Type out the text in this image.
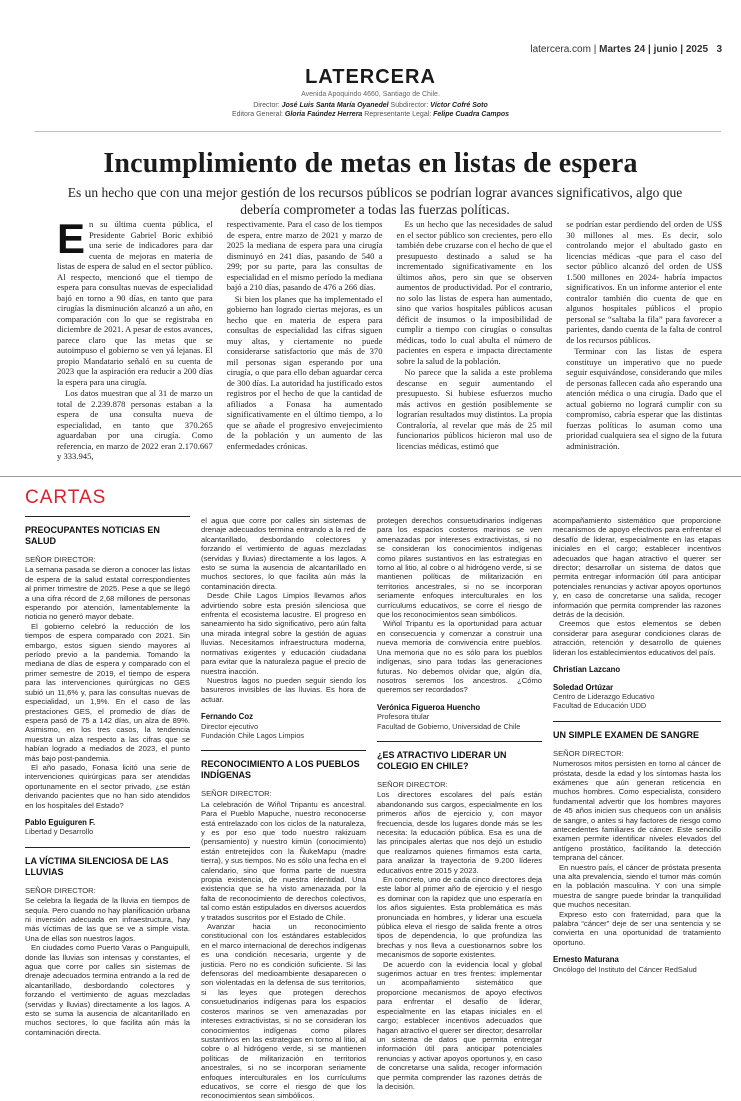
latercera.com | Martes 24 | junio | 2025 3
LATERCERA
Avenida Apoquindo 4660, Santiago de Chile.
Director: José Luis Santa María Oyanedel Subdirector: Víctor Cofré Soto
Editora General: Gloria Faúndez Herrera Representante Legal: Felipe Cuadra Campos
Incumplimiento de metas en listas de espera
Es un hecho que con una mejor gestión de los recursos públicos se podrían lograr avances significativos, algo que debería comprometer a todas las fuerzas políticas.

En su última cuenta pública, el Presidente Gabriel Boric exhibió una serie de indicadores para dar cuenta de mejoras en materia de listas de espera de salud en el sector público. Al respecto, mencionó que el tiempo de espera para consultas nuevas de especialidad bajó en torno a 90 días, en tanto que para cirugías la disminución alcanzó a un año, en comparación con lo que se registraba en diciembre de 2021. A pesar de estos avances, parece claro que las metas que se autoimpuso el gobierno se ven yá lejanas. El propio Mandatario señaló en su cuenta de 2023 que la aspiración era reducir a 200 días la espera para una cirugía.

Los datos muestran que al 31 de marzo un total de 2.239.878 personas estaban a la espera de una consulta nueva de especialidad, en tanto que 370.265 aguardaban por una cirugía. Como referencia, en marzo de 2022 eran 2.170.667 y 333.945,

respectivamente. Para el caso de los tiempos de espera, entre marzo de 2021 y marzo de 2025 la mediana de espera para una cirugía disminuyó en 241 días, pasando de 540 a 299; por su parte, para las consultas de especialidad en el mismo período la mediana bajó a 210 días, pasando de 476 a 266 días.

Si bien los planes que ha implementado el gobierno han logrado ciertas mejoras, es un hecho que en materia de espera para consultas de especialidad las cifras siguen muy altas, y ciertamente no puede considerarse satisfactorio que más de 370 mil personas sigan esperando por una cirugía, o que para ello deban aguardar cerca de 300 días. La autoridad ha justificado estos registros por el hecho de que la cantidad de afiliados a Fonasa ha aumentado significativamente en el último tiempo, a lo que se añade el progresivo envejecimiento de la población y un aumento de las enfermedades crónicas.

Es un hecho que las necesidades de salud en el sector público son crecientes, pero ello también debe cruzarse con el hecho de que el presupuesto destinado a salud se ha incrementado significativamente en los últimos años, pero sin que se observen aumentos de productividad. Por el contrario, no solo las listas de espera han aumentado, sino que varios hospitales públicos acusan déficit de insumos o la imposibilidad de cumplir a tiempo con cirugías o consultas médicas, todo lo cual abulta el número de pacientes en espera e impacta directamente sobre la salud de la población.

No parece que la salida a este problema descanse en seguir aumentando el presupuesto. Si hubiese esfuerzos mucho más activos en gestión posiblemente se lograrían resultados muy distintos. La propia Contraloría, al revelar que más de 25 mil funcionarios públicos hicieron mal uso de licencias médicas, estimó que

se podrían estar perdiendo del orden de US$ 30 millones al mes. Es decir, solo controlando mejor el abultado gasto en licencias médicas -que para el caso del sector público alcanzó del orden de US$ 1.500 millones en 2024- habría impactos significativos. En un informe anterior el ente contralor también dio cuenta de que en algunos hospitales públicos el propio personal se “saltaba la fila” para favorecer a parientes, dando cuenta de la falta de control de los recursos públicos.

Terminar con las listas de espera constituye un imperativo que no puede seguir esquivándose, considerando que miles de personas fallecen cada año esperando una atención médica o una cirugía. Dado que el actual gobierno no logrará cumplir con su compromiso, cabría esperar que las distintas fuerzas políticas lo asuman como una prioridad cualquiera sea el signo de la futura administración.

CARTAS
PREOCUPANTES NOTICIAS EN SALUD
SEÑOR DIRECTOR:

La semana pasada se dieron a conocer las listas de espera de la salud estatal correspondientes al primer trimestre de 2025. Pese a que se llegó a una cifra récord de 2,68 millones de personas esperando por atención, lamentablemente la noticia no generó mayor debate.

El gobierno celebró la reducción de los tiempos de espera comparado con 2021. Sin embargo, estos siguen siendo mayores al período previo a la pandemia. Tomando la mediana de días de espera y comparado con el primer semestre de 2019, el tiempo de espera para las intervenciones quirúrgicas no GES subió un 11,6% y, para las consultas nuevas de especialidad, un 1,9%. En el caso de las prestaciones GES, el promedio de días de espera pasó de 75 a 142 días, un alza de 89%. Asimismo, en los tres casos, la tendencia muestra un alza respecto a las cifras que se habían logrado a mediados de 2023, el punto más bajo post-pandemia.

El año pasado, Fonasa licitó una serie de intervenciones quirúrgicas para ser atendidas oportunamente en el sector privado, ¿se están derivando pacientes que no han sido atendidos en los hospitales del Estado?

Pablo Eguiguren F.
Libertad y Desarrollo
LA VÍCTIMA SILENCIOSA DE LAS LLUVIAS
SEÑOR DIRECTOR:

Se celebra la llegada de la lluvia en tiempos de sequía. Pero cuando no hay planificación urbana ni inversión adecuada en infraestructura, hay más víctimas de las que se ve a simple vista. Una de ellas son nuestros lagos.

En ciudades como Puerto Varas o Panguipulli, donde las lluvias son intensas y constantes, el agua que corre por calles sin sistemas de drenaje adecuados termina entrando a la red de alcantarillado, desbordando colectores y forzando el vertimiento de aguas mezcladas (servidas y lluvias) directamente a los lagos. A esto se suma la ausencia de alcantarillado en muchos sectores, lo que facilita aún más la contaminación directa.

el agua que corre por calles sin sistemas de drenaje adecuados termina entrando a la red de alcantarillado, desbordando colectores y forzando el vertimiento de aguas mezcladas (servidas y lluvias) directamente a los lagos. A esto se suma la ausencia de alcantarillado en muchos sectores, lo que facilita aún más la contaminación directa.

Desde Chile Lagos Limpios llevamos años advirtiendo sobre esta presión silenciosa que enfrenta el ecosistema lacustre. El progreso en saneamiento ha sido significativo, pero aún falta una mirada integral sobre la gestión de aguas lluvias. Necesitamos infraestructura moderna, normativas exigentes y educación ciudadana para evitar que la naturaleza pague el precio de nuestra inacción.

Nuestros lagos no pueden seguir siendo los basureros invisibles de las lluvias. Es hora de actuar.

Fernando Coz
Director ejecutivo
Fundación Chile Lagos Limpios
RECONOCIMIENTO A LOS PUEBLOS INDÍGENAS
SEÑOR DIRECTOR:

La celebración de Wiñol Tripantu es ancestral. Para el Pueblo Mapuche, nuestro reconocerse está entrelazado con los ciclos de la naturaleza, y es por eso que todo nuestro rakizuam (pensamiento) y nuestro kimün (conocimiento) están entretejidos con la ÑukeMapu (madre tierra), y sus tiempos. No es sólo una fecha en el calendario, sino que forma parte de nuestra propia existencia, de nuestra identidad. Una existencia que se ha visto amenazada por la falta de reconocimiento de derechos colectivos, tal como están estipulados en diversos acuerdos y tratados suscritos por el Estado de Chile.

Avanzar hacia un reconocimiento constitucional con los estándares establecidos en el marco internacional de derechos indígenas es una condición necesaria, urgente y de justicia. Pero no es condición suficiente. Si las defensoras del medioambiente desaparecen o son violentadas en la defensa de sus territorios, si las leyes que protegen derechos consuetudinarios indígenas para los espacios costeros marinos se ven amenazadas por intereses extractivistas, si no se consideran los conocimientos indígenas como pilares sustantivos en las estrategias en torno al litio, al cobre o al hidrógeno verde, si se mantienen políticas de militarización en territorios ancestrales, si no se incorporan seriamente enfoques interculturales en los currículums educativos, se corre el riesgo de que los reconocimientos sean simbólicos.

protegen derechos consuetudinarios indígenas para los espacios costeros marinos se ven amenazadas por intereses extractivistas, si no se consideran los conocimientos indígenas como pilares sustantivos en las estrategias en torno al litio, al cobre o al hidrógeno verde, si se mantienen políticas de militarización en territorios ancestrales, si no se incorporan seriamente enfoques interculturales en los currículums educativos, se corre el riesgo de que los reconocimientos sean simbólicos.

Wiñol Tripantu es la oportunidad para actuar en consecuencia y comenzar a construir una nueva memoria de convivencia entre pueblos. Una memoria que no es sólo para los pueblos indígenas, sino para todas las generaciones futuras. No debemos olvidar que, algún día, nosotros seremos los ancestros. ¿Cómo queremos ser recordados?

Verónica Figueroa Huencho
Profesora titular
Facultad de Gobierno, Universidad de Chile
¿ES ATRACTIVO LIDERAR UN COLEGIO EN CHILE?
SEÑOR DIRECTOR:

Los directores escolares del país están abandonando sus cargos, especialmente en los primeros años de ejercicio y, con mayor frecuencia, desde los lugares donde más se les necesita: la educación pública. Esa es una de las principales alertas que nos dejó un estudio que realizamos quienes firmamos esta carta, para analizar la trayectoria de 9.200 líderes educativos entre 2015 y 2023.

En concreto, uno de cada cinco directores deja este labor al primer año de ejercicio y el riesgo es dominar con la rapidez que uno esperaría en los años siguientes. Esta problemática es más pronunciada en hombres, y liderar una escuela pública eleva el riesgo de salida frente a otros tipos de dependencia, lo que profundiza las brechas y nos lleva a cuestionarnos sobre los mecanismos de soporte existentes.

De acuerdo con la evidencia local y global sugerimos actuar en tres frentes: implementar un acompañamiento sistemático que proporcione mecanismos de apoyo efectivos para enfrentar el desafío de liderar, especialmente en las etapas iniciales en el cargo; establecer incentivos adecuados que hagan atractivo el querer ser director; desarrollar un sistema de datos que permita entregar información útil para anticipar potenciales renuncias y activar apoyos oportunos y, en caso de concretarse una salida, recoger información que permita comprender las razones detrás de la decisión.

acompañamiento sistemático que proporcione mecanismos de apoyo efectivos para enfrentar el desafío de liderar, especialmente en las etapas iniciales en el cargo; establecer incentivos adecuados que hagan atractivo el querer ser director; desarrollar un sistema de datos que permita entregar información útil para anticipar potenciales renuncias y activar apoyos oportunos y, en caso de concretarse una salida, recoger información que permita comprender las razones detrás de la decisión.

Creemos que estos elementos se deben considerar para asegurar condiciones claras de atracción, retención y desarrollo de quienes lideran los establecimientos educativos del país.

Christian Lazcano
Soledad Ortúzar
Centro de Liderazgo Educativo
Facultad de Educación UDD
UN SIMPLE EXAMEN DE SANGRE
SEÑOR DIRECTOR:

Numerosos mitos persisten en torno al cáncer de próstata, desde la edad y los síntomas hasta los exámenes que aún generan reticencia en muchos hombres. Como especialista, considero fundamental advertir que los hombres mayores de 45 años inicien sus chequeos con un análisis de sangre, o antes si hay factores de riesgo como antecedentes familiares de cáncer. Este sencillo examen permite identificar niveles elevados del antígeno prostático, facilitando la detección temprana del cáncer.

En nuestro país, el cáncer de próstata presenta una alta prevalencia, siendo el tumor más común en la población masculina. Y con una simple muestra de sangre puede brindar la tranquilidad que muchos necesitan.

Expreso esto con fraternidad, para que la palabra “cáncer” deje de ser una sentencia y se convierta en una oportunidad de tratamiento oportuno.

Ernesto Maturana
Oncólogo del Instituto del Cáncer RedSalud
